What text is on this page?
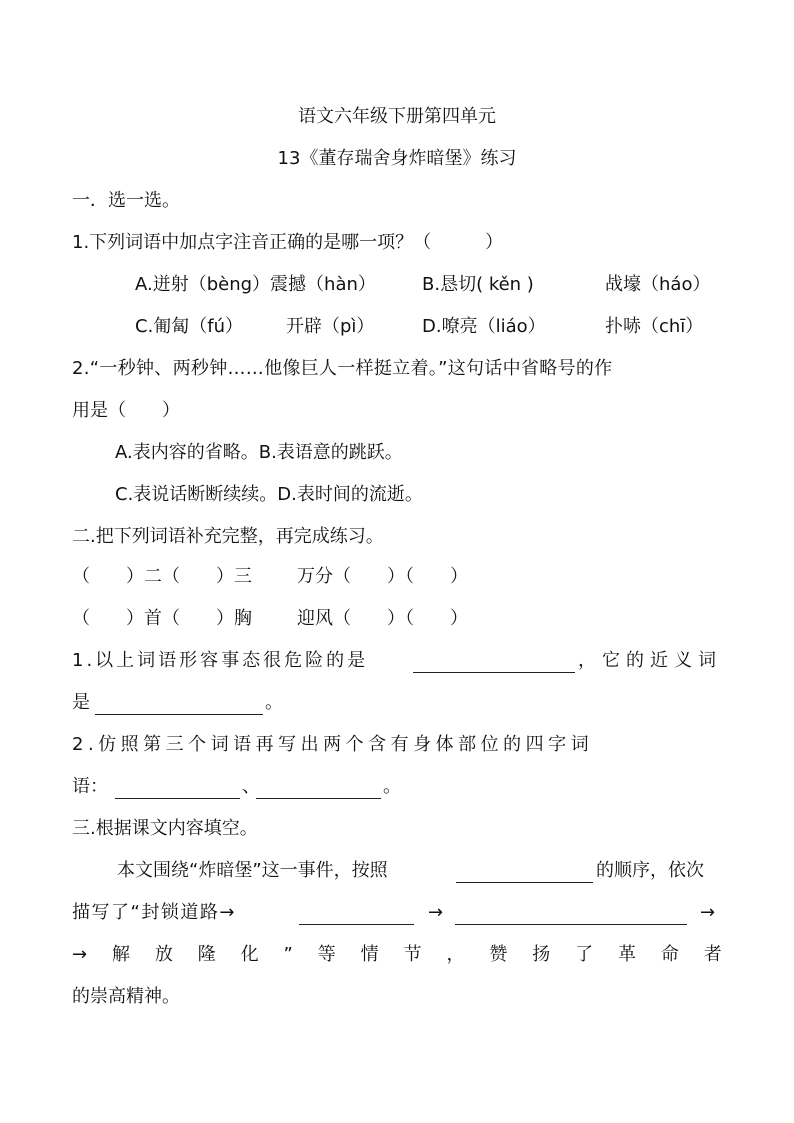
语文六年级下册第四单元
13《董存瑞舍身炸暗堡》练习
一．选一选。
1.下列词语中加点字注音正确的是哪一项？（　　　）
A.迸射（bèng）震撼（hàn）	B.恳切( kěn )	战壕（háo）
C.匍匐（fú） 开辟（pì）	D.嘹亮（liáo）	扑哧（chī）
2.“一秒钟、两秒钟……他像巨人一样挺立着。”这句话中省略号的作
用是（　　）
A.表内容的省略。B.表语意的跳跃。
C.表说话断断续续。D.表时间的流逝。
二.把下列词语补充完整，再完成练习。
（　　）二（　　）三	万分（　　）（　　）
（　　）首（　　）胸	迎风（　　）（　　）
1.以上词语形容事态很危险的是	，它的近义词
是	。
2.仿照第三个词语再写出两个含有身体部位的四字词
语：	、	。
三.根据课文内容填空。
本文围绕“炸暗堡”这一事件，按照	的顺序，依次
描写了“封锁道路→	→	→
→ 解 放 隆 化 ” 等 情 节 ， 赞 扬 了 革 命 者
的崇高精神。
